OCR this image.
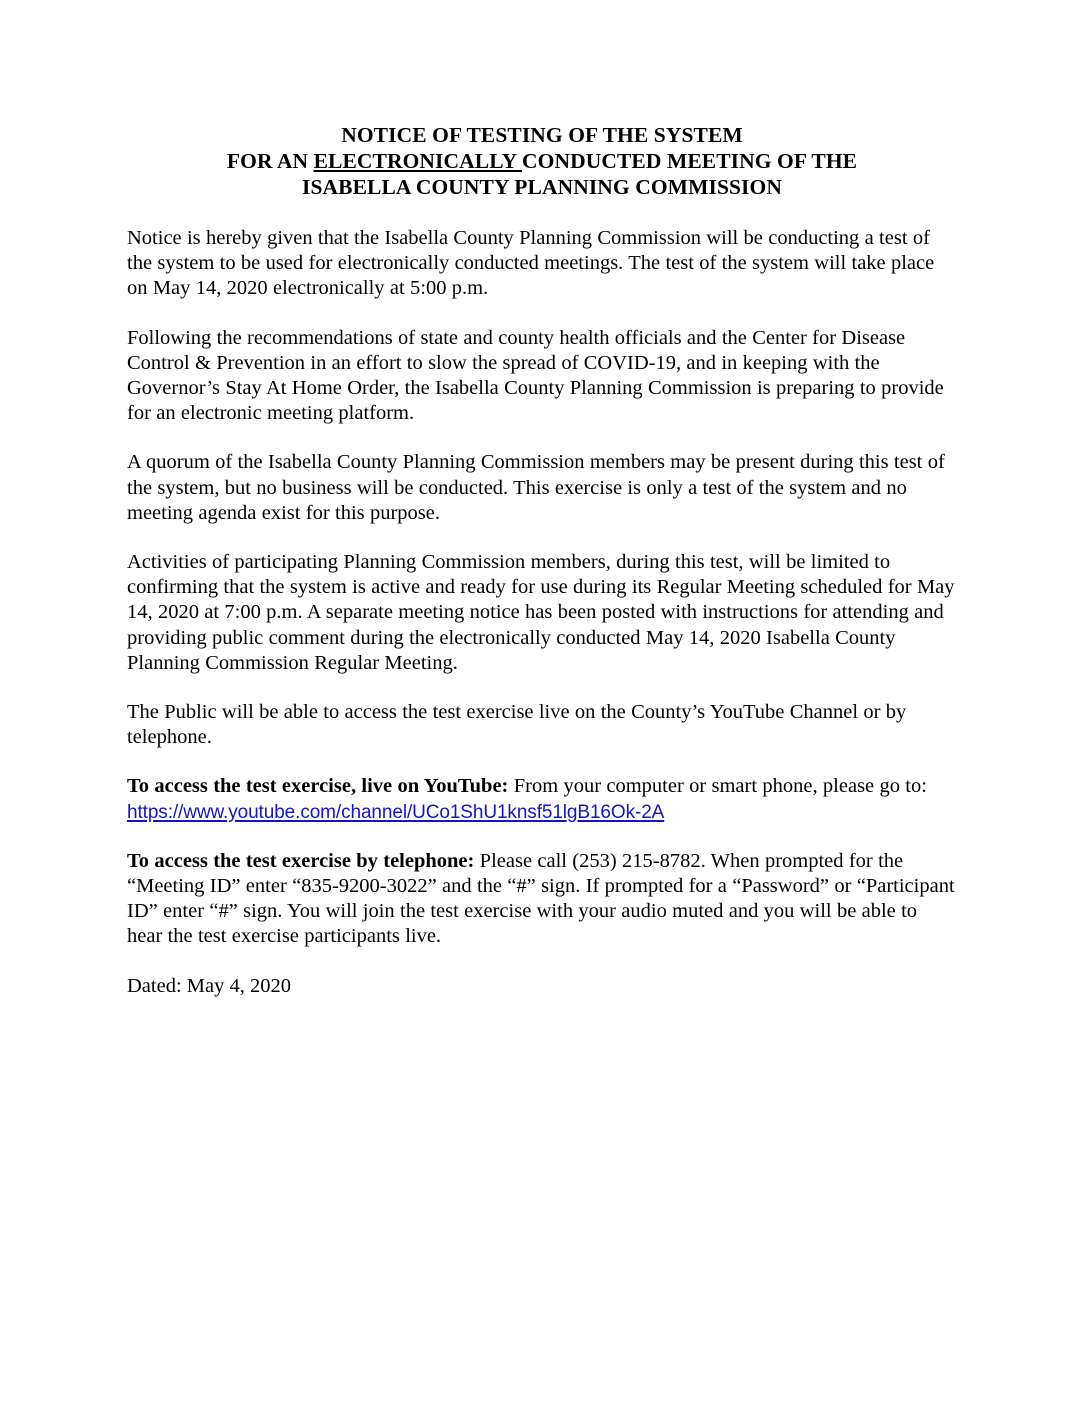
NOTICE OF TESTING OF THE SYSTEM
FOR AN ELECTRONICALLY CONDUCTED MEETING OF THE
ISABELLA COUNTY PLANNING COMMISSION

Notice is hereby given that the Isabella County Planning Commission will be conducting a test of the system to be used for electronically conducted meetings. The test of the system will take place on May 14, 2020 electronically at 5:00 p.m.

Following the recommendations of state and county health officials and the Center for Disease Control & Prevention in an effort to slow the spread of COVID-19, and in keeping with the Governor’s Stay At Home Order, the Isabella County Planning Commission is preparing to provide for an electronic meeting platform.

A quorum of the Isabella County Planning Commission members may be present during this test of the system, but no business will be conducted. This exercise is only a test of the system and no meeting agenda exist for this purpose.

Activities of participating Planning Commission members, during this test, will be limited to confirming that the system is active and ready for use during its Regular Meeting scheduled for May 14, 2020 at 7:00 p.m. A separate meeting notice has been posted with instructions for attending and providing public comment during the electronically conducted May 14, 2020 Isabella County Planning Commission Regular Meeting.

The Public will be able to access the test exercise live on the County’s YouTube Channel or by telephone.

To access the test exercise, live on YouTube: From your computer or smart phone, please go to: https://www.youtube.com/channel/UCo1ShU1knsf51lgB16Ok-2A

To access the test exercise by telephone: Please call (253) 215-8782. When prompted for the “Meeting ID” enter “835-9200-3022” and the “#” sign. If prompted for a “Password” or “Participant ID” enter “#” sign. You will join the test exercise with your audio muted and you will be able to hear the test exercise participants live.

Dated: May 4, 2020
